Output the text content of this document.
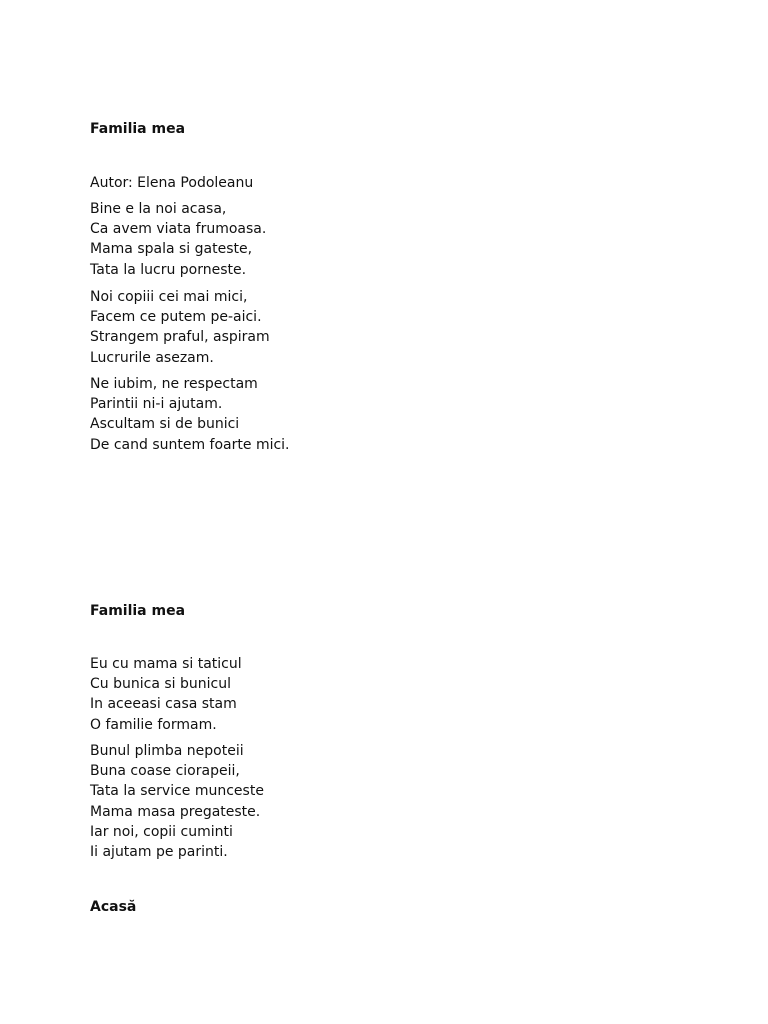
Familia mea

Autor: Elena Podoleanu

Bine e la noi acasa,

Ca avem viata frumoasa.

Mama spala si gateste,

Tata la lucru porneste.

Noi copiii cei mai mici,

Facem ce putem pe-aici.

Strangem praful, aspiram

Lucrurile asezam.

Ne iubim, ne respectam

Parintii ni-i ajutam.

Ascultam si de bunici

De cand suntem foarte mici.

Familia mea

Eu cu mama si taticul

Cu bunica si bunicul

In aceeasi casa stam

O familie formam.

Bunul plimba nepoteii

Buna coase ciorapeii,

Tata la service munceste

Mama masa pregateste.

Iar noi, copii cuminti

Ii ajutam pe parinti.

Acasă
